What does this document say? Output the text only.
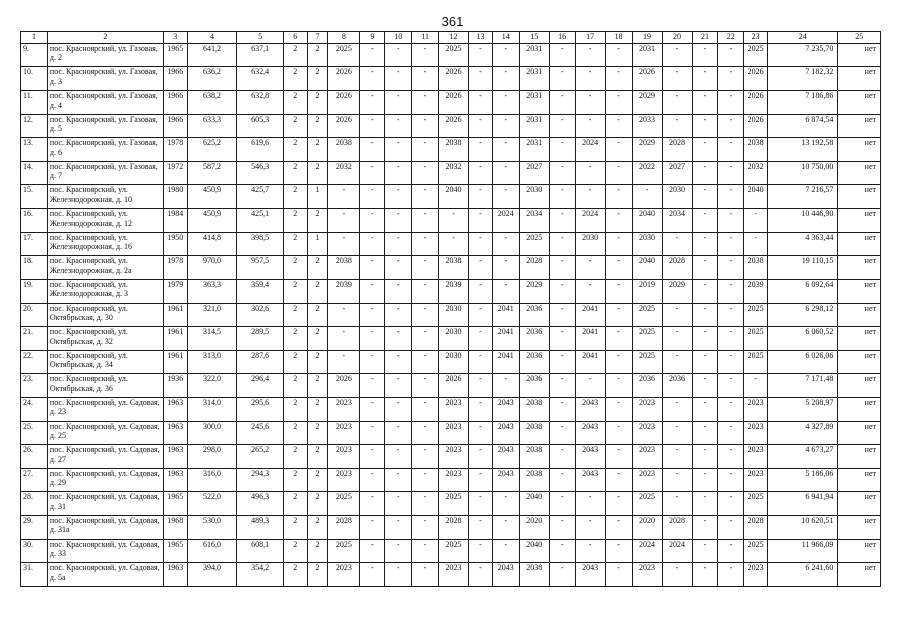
361
1	2	3	4	5	6	7	8	9	10	11	12	13	14	15	16	17	18	19	20	21	22	23	24	25
9.	пос. Красноярский, ул. Газовая, д. 2	1965	641,2	637,1	2	2	2025	-	-	-	2025	-	-	2031	-	-	-	2031	-	-	-	2025	7 235,70	нет
10.	пос. Красноярский, ул. Газовая, д. 3	1966	636,2	632,4	2	2	2026	-	-	-	2026	-	-	2031	-	-	-	2026	-	-	-	2026	7 182,32	нет
11.	пос. Красноярский, ул. Газовая, д. 4	1966	638,2	632,8	2	2	2026	-	-	-	2026	-	-	2031	-	-	-	2029	-	-	-	2026	7 186,86	нет
12.	пос. Красноярский, ул. Газовая, д. 5	1966	633,3	605,3	2	2	2026	-	-	-	2026	-	-	2031	-	-	-	2033	-	-	-	2026	6 874,54	нет
13.	пос. Красноярский, ул. Газовая, д. 6	1978	625,2	619,6	2	2	2038	-	-	-	2038	-	-	2031	-	2024	-	2029	2028	-	-	2038	13 192,58	нет
14.	пос. Красноярский, ул. Газовая, д. 7	1972	587,2	546,3	2	2	2032	-	-	-	2032	-	-	2027	-	-	-	2022	2027	-	-	2032	10 750,00	нет
15.	пос. Красноярский, ул. Железнодорожная, д. 10	1980	450,9	425,7	2	1	-	-	-	-	2040	-	-	2030	-	-	-	-	2030	-	-	2040	7 216,57	нет
16.	пос. Красноярский, ул. Железнодорожная, д. 12	1984	450,9	425,1	2	2	-	-	-	-	-	-	2024	2034	-	2024	-	2040	2034	-	-	-	10 446,90	нет
17.	пос. Красноярский, ул. Железнодорожная, д. 16	1950	414,8	398,5	2	1	-	-	-	-	-	-	-	2025	-	2030	-	2030	-	-	-	-	4 363,44	нет
18.	пос. Красноярский, ул. Железнодорожная, д. 2а	1978	970,0	957,5	2	2	2038	-	-	-	2038	-	-	2028	-	-	-	2040	2028	-	-	2038	19 110,15	нет
19.	пос. Красноярский, ул. Железнодорожная, д. 3	1979	363,3	359,4	2	2	2039	-	-	-	2039	-	-	2029	-	-	-	2019	2029	-	-	2039	6 092,64	нет
20.	пос. Красноярский, ул. Октябрьская, д. 30	1961	321,0	302,6	2	2	-	-	-	-	2030	-	2041	2036	-	2041	-	2025	-	-	-	2025	6 298,12	нет
21.	пос. Красноярский, ул. Октябрьская, д. 32	1961	314,5	289,5	2	2	-	-	-	-	2030	-	2041	2036	-	2041	-	2025	-	-	-	2025	6 060,52	нет
22.	пос. Красноярский, ул. Октябрьская, д. 34	1961	313,0	287,6	2	2	-	-	-	-	2030	-	2041	2036	-	2041	-	2025	-	-	-	2025	6 026,06	нет
23.	пос. Красноярский, ул. Октябрьская, д. 36	1936	322,0	296,4	2	2	2026	-	-	-	2026	-	-	2036	-	-	-	2036	2036	-	-	-	7 171,48	нет
24.	пос. Красноярский, ул. Садовая, д. 23	1963	314,0	295,6	2	2	2023	-	-	-	2023	-	2043	2038	-	2043	-	2023	-	-	-	2023	5 208,97	нет
25.	пос. Красноярский, ул. Садовая, д. 25	1963	300,0	245,6	2	2	2023	-	-	-	2023	-	2043	2038	-	2043	-	2023	-	-	-	2023	4 327,89	нет
26.	пос. Красноярский, ул. Садовая, д. 27	1963	298,0	265,2	2	2	2023	-	-	-	2023	-	2043	2038	-	2043	-	2023	-	-	-	2023	4 673,27	нет
27.	пос. Красноярский, ул. Садовая, д. 29	1963	316,0	294,3	2	2	2023	-	-	-	2023	-	2043	2038	-	2043	-	2023	-	-	-	2023	5 186,06	нет
28.	пос. Красноярский, ул. Садовая, д. 31	1965	522,0	496,3	2	2	2025	-	-	-	2025	-	-	2040	-	-	-	2025	-	-	-	2025	6 941,94	нет
29.	пос. Красноярский, ул. Садовая, д. 31а	1968	530,0	489,3	2	2	2028	-	-	-	2028	-	-	2020	-	-	-	2020	2028	-	-	2028	10 620,51	нет
30.	пос. Красноярский, ул. Садовая, д. 33	1965	616,0	608,1	2	2	2025	-	-	-	2025	-	-	2040	-	-	-	2024	2024	-	-	2025	11 966,09	нет
31.	пос. Красноярский, ул. Садовая, д. 5а	1963	394,0	354,2	2	2	2023	-	-	-	2023	-	2043	2038	-	2043	-	2023	-	-	-	2023	6 241,60	нет
